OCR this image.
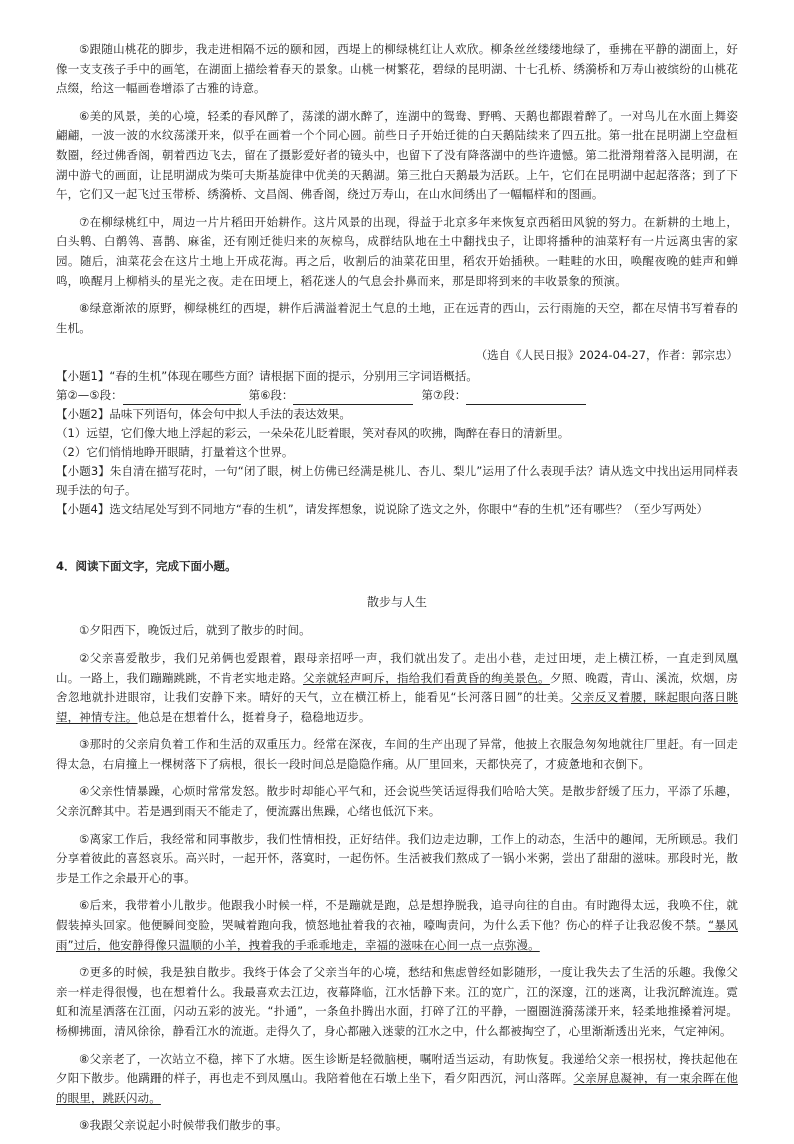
⑤跟随山桃花的脚步，我走进相隔不远的颐和园，西堤上的柳绿桃红让人欢欣。柳条丝丝缕缕地绿了，垂拂在平静的湖面上，好像一支支孩子手中的画笔，在湖面上描绘着春天的景象。山桃一树繁花，碧绿的昆明湖、十七孔桥、绣漪桥和万寿山被缤纷的山桃花点缀，给这一幅画卷增添了古雅的诗意。

⑥美的风景，美的心境，轻柔的春风醉了，荡漾的湖水醉了，连湖中的鸳鸯、野鸭、天鹅也都跟着醉了。一对鸟儿在水面上舞姿翩翩，一波一波的水纹荡漾开来，似乎在画着一个个同心圆。前些日子开始迁徙的白天鹅陆续来了四五批。第一批在昆明湖上空盘桓数圈，经过佛香阁，朝着西边飞去，留在了摄影爱好者的镜头中，也留下了没有降落湖中的些许遗憾。第二批滑翔着落入昆明湖，在湖中游弋的画面，让昆明湖成为柴可夫斯基旋律中优美的天鹅湖。第三批白天鹅最为活跃。上午，它们在昆明湖中起起落落；到了下午，它们又一起飞过玉带桥、绣漪桥、文昌阁、佛香阁，绕过万寿山，在山水间绣出了一幅幅样和的图画。

⑦在柳绿桃红中，周边一片片稻田开始耕作。这片风景的出现，得益于北京多年来恢复京西稻田风貌的努力。在新耕的土地上，白头鹎、白鹡鸰、喜鹊、麻雀，还有刚迁徙归来的灰椋鸟，成群结队地在土中翻找虫子，让即将播种的油菜籽有一片远离虫害的家园。随后，油菜花会在这片土地上开成花海。再之后，收割后的油菜花田里，稻农开始插秧。一畦畦的水田，唤醒夜晚的蛙声和蝉鸣，唤醒月上柳梢头的星光之夜。走在田埂上，稻花迷人的气息会扑鼻而来，那是即将到来的丰收景象的预演。

⑧绿意渐浓的原野，柳绿桃红的西堤，耕作后满溢着泥土气息的土地，正在远青的西山，云行雨施的天空，都在尽情书写着春的生机。

（选自《人民日报》2024-04-27，作者：郭宗忠）

【小题1】“春的生机”体现在哪些方面？请根据下面的提示，分别用三字词语概括。

第②—⑤段：	第⑥段：	第⑦段：

【小题2】品味下列语句，体会句中拟人手法的表达效果。

（1）远望，它们像大地上浮起的彩云，一朵朵花儿眨着眼，笑对春风的吹拂，陶醉在春日的清新里。

（2）它们悄悄地睁开眼睛，打量着这个世界。

【小题3】朱自清在描写花时，一句“闭了眼，树上仿佛已经满是桃儿、杏儿、梨儿”运用了什么表现手法？请从选文中找出运用同样表现手法的句子。

【小题4】选文结尾处写到不同地方“春的生机”，请发挥想象，说说除了选文之外，你眼中“春的生机”还有哪些？（至少写两处）

4．阅读下面文字，完成下面小题。

散步与人生

①夕阳西下，晚饭过后，就到了散步的时间。

②父亲喜爱散步，我们兄弟俩也爱跟着，跟母亲招呼一声，我们就出发了。走出小巷，走过田埂，走上横江桥，一直走到凤凰山。一路上，我们蹦蹦跳跳，不肯老实地走路。父亲就轻声呵斥，指给我们看黄昏的绚美景色。夕照、晚霞，青山、溪流，炊烟，房舍忽地就扑进眼帘，让我们安静下来。晴好的天气，立在横江桥上，能看见“长河落日圆”的壮美。父亲反叉着腰，眯起眼向落日眺望，神情专注。他总是在想着什么，挺着身子，稳稳地迈步。

③那时的父亲肩负着工作和生活的双重压力。经常在深夜，车间的生产出现了异常，他披上衣服急匆匆地就往厂里赶。有一回走得太急，右肩撞上一棵树落下了病根，很长一段时间总是隐隐作痛。从厂里回来，天都快亮了，才疲惫地和衣倒下。

④父亲性情暴躁，心烦时常常发怒。散步时却能心平气和，还会说些笑话逗得我们哈哈大笑。是散步舒缓了压力，平添了乐趣，父亲沉醉其中。若是遇到雨天不能走了，便流露出焦躁，心绪也低沉下来。

⑤离家工作后，我经常和同事散步，我们性情相投，正好结伴。我们边走边聊，工作上的动态，生活中的趣闻，无所顾忌。我们分享着彼此的喜怒哀乐。高兴时，一起开怀，落寞时，一起伤怀。生活被我们熬成了一锅小米粥，尝出了甜甜的滋味。那段时光，散步是工作之余最开心的事。

⑥后来，我带着小儿散步。他跟我小时候一样，不是蹦就是跑，总是想挣脱我，追寻向往的自由。有时跑得太远，我唤不住，就假装掉头回家。他便瞬间变脸，哭喊着跑向我，愤怒地扯着我的衣袖，嚎啕责问，为什么丢下他？伤心的样子让我忍俊不禁。“暴风雨”过后，他安静得像只温顺的小羊，拽着我的手乖乖地走，幸福的滋味在心间一点一点弥漫。

⑦更多的时候，我是独自散步。我终于体会了父亲当年的心境，愁结和焦虑曾经如影随形，一度让我失去了生活的乐趣。我像父亲一样走得很慢，也在想着什么。我最喜欢去江边，夜幕降临，江水恬静下来。江的宽广，江的深邃，江的迷离，让我沉醉流连。霓虹和流星洒落在江面，闪动五彩的波光。“扑通”，一条鱼扑腾出水面，打碎了江的平静，一圈圈涟漪荡漾开来，轻柔地推搡着河堤。杨柳拂面，清风徐徐，静看江水的流逝。走得久了，身心都融入迷蒙的江水之中，什么都被掏空了，心里渐渐透出光来，气定神闲。

⑧父亲老了，一次站立不稳，摔下了水塘。医生诊断是轻微脑梗，嘱咐适当运动，有助恢复。我递给父亲一根拐杖，搀扶起他在夕阳下散步。他蹒跚的样子，再也走不到凤凰山。我陪着他在石墩上坐下，看夕阳西沉，河山落晖。父亲屏息凝神，有一束余晖在他的眼里，跳跃闪动。

⑨我跟父亲说起小时候带我们散步的事。
